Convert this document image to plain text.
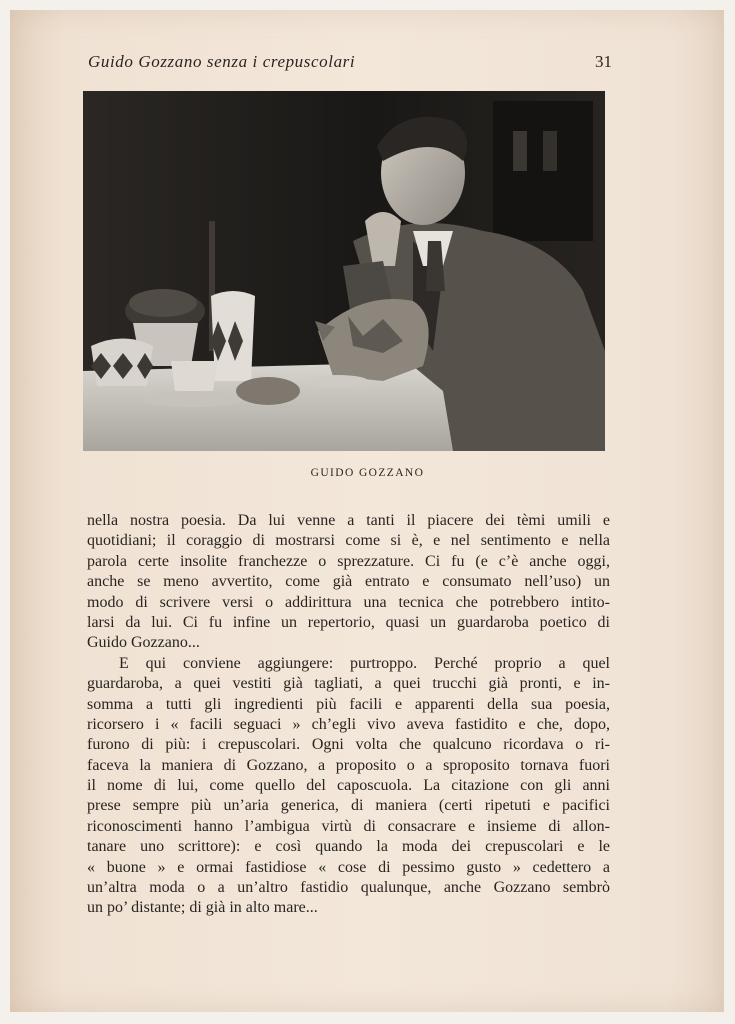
Guido Gozzano senza i crepuscolari	31
GUIDO GOZZANO
nella nostra poesia. Da lui venne a tanti il piacere dei tèmi umili e
quotidiani; il coraggio di mostrarsi come si è, e nel sentimento e nella
parola certe insolite franchezze o sprezzature. Ci fu (e c’è anche oggi,
anche se meno avvertito, come già entrato e consumato nell’uso) un
modo di scrivere versi o addirittura una tecnica che potrebbero intito-
larsi da lui. Ci fu infine un repertorio, quasi un guardaroba poetico di
Guido Gozzano...
E qui conviene aggiungere: purtroppo. Perché proprio a quel
guardaroba, a quei vestiti già tagliati, a quei trucchi già pronti, e in-
somma a tutti gli ingredienti più facili e apparenti della sua poesia,
ricorsero i « facili seguaci » ch’egli vivo aveva fastidito e che, dopo,
furono di più: i crepuscolari. Ogni volta che qualcuno ricordava o ri-
faceva la maniera di Gozzano, a proposito o a sproposito tornava fuori
il nome di lui, come quello del caposcuola. La citazione con gli anni
prese sempre più un’aria generica, di maniera (certi ripetuti e pacifici
riconoscimenti hanno l’ambigua virtù di consacrare e insieme di allon-
tanare uno scrittore): e così quando la moda dei crepuscolari e le
« buone » e ormai fastidiose « cose di pessimo gusto » cedettero a
un’altra moda o a un’altro fastidio qualunque, anche Gozzano sembrò
un po’ distante; di già in alto mare...
